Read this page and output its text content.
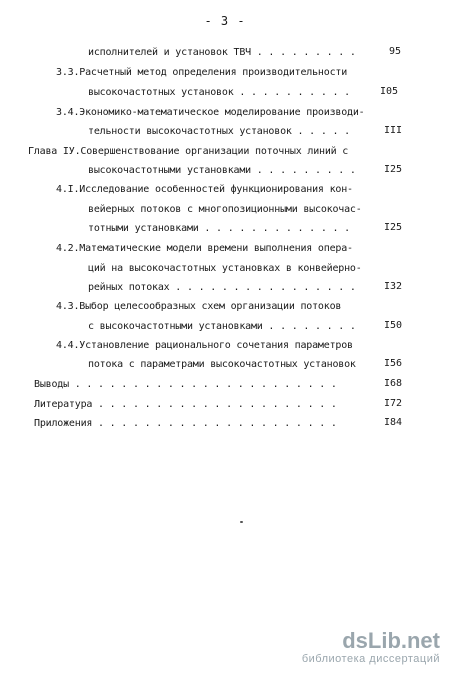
- 3 -
исполнителей и установок ТВЧ . . . . . . . . .	95
3.3.Расчетный метод определения производительности
высокочастотных установок . . . . . . . . . .	I05
3.4.Экономико-математическое моделирование производи-
тельности высокочастотных установок . . . . .	III
Глава IУ.Совершенствование организации поточных линий с
высокочастотными установками . . . . . . . . .	I25
4.I.Исследование особенностей функционирования кон-
вейерных потоков с многопозиционными высокочас-
тотными установками . . . . . . . . . . . . .	I25
4.2.Математические модели времени выполнения опера-
ций на высокочастотных установках в конвейерно-
рейных потоках . . . . . . . . . . . . . . . .	I32
4.3.Выбор целесообразных схем организации потоков
с высокочастотными установками . . . . . . . .	I50
4.4.Установление рационального сочетания параметров
потока с параметрами высокочастотных установок	I56
Выводы . . . . . . . . . . . . . . . . . . . . . . .	I68
Литература . . . . . . . . . . . . . . . . . . . . .	I72
Приложения . . . . . . . . . . . . . . . . . . . . .	I84
dsLib.net
библиотека диссертаций
